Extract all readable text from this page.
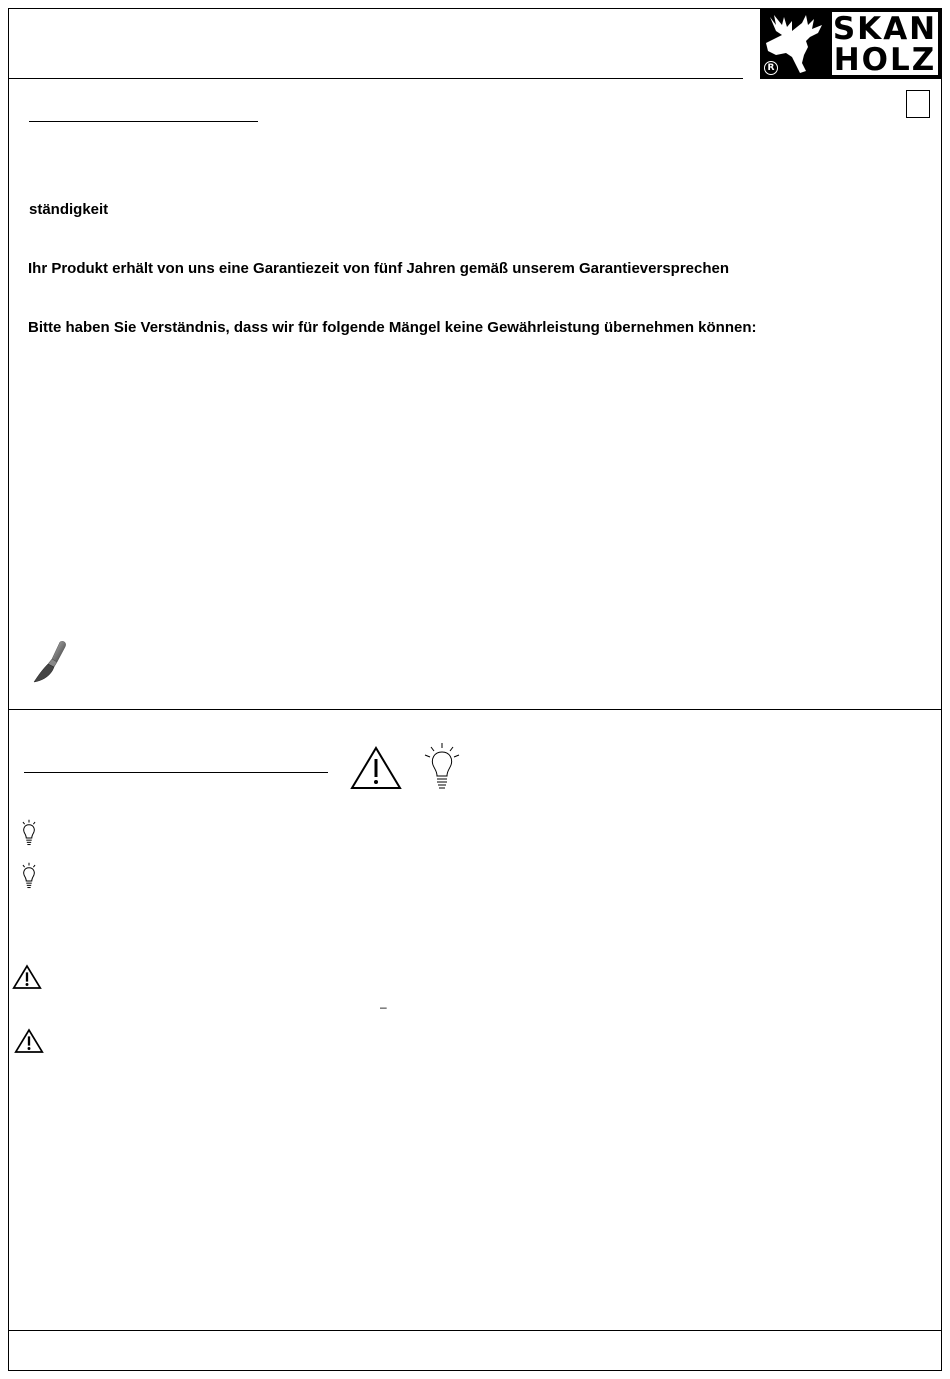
R
SKAN
HOLZ
ständigkeit
Ihr Produkt erhält von uns eine Garantiezeit von fünf Jahren gemäß unserem Garantieversprechen
Bitte haben Sie Verständnis, dass wir für folgende Mängel keine Gewährleistung übernehmen können:
–
